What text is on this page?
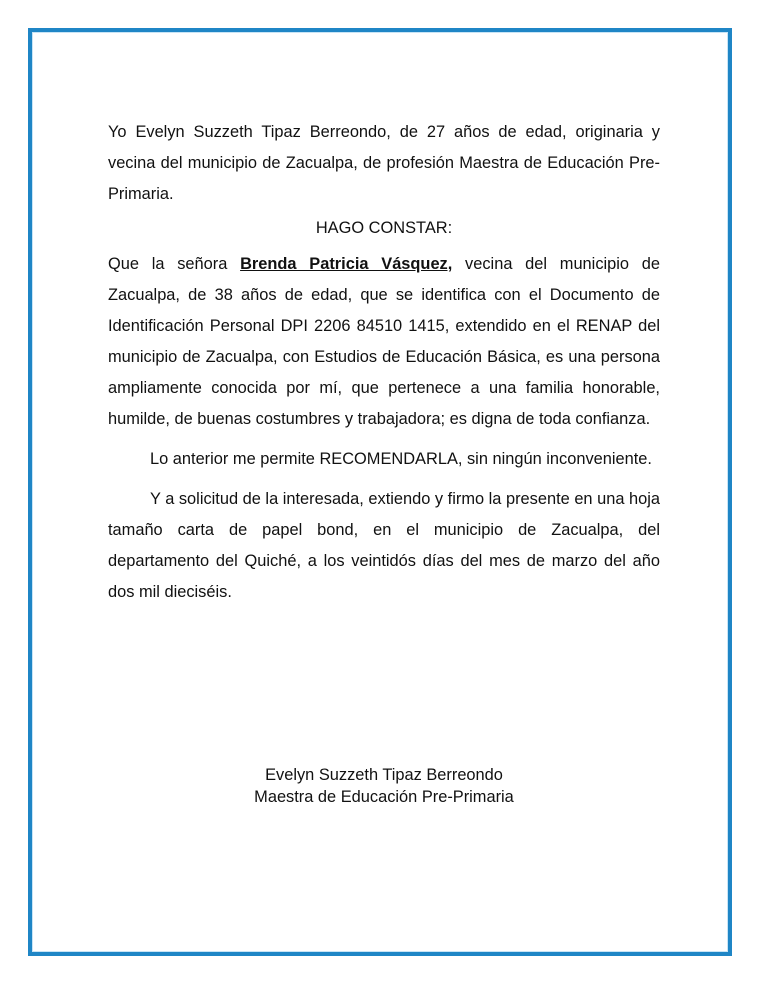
Yo Evelyn Suzzeth Tipaz Berreondo, de 27 años de edad, originaria y vecina del municipio de Zacualpa, de profesión Maestra de Educación Pre-Primaria.

HAGO CONSTAR:

Que la señora Brenda Patricia Vásquez, vecina del municipio de Zacualpa, de 38 años de edad, que se identifica con el Documento de Identificación Personal DPI 2206 84510 1415, extendido en el RENAP del municipio de Zacualpa, con Estudios de Educación Básica, es una persona ampliamente conocida por mí, que pertenece a una familia honorable, humilde, de buenas costumbres y trabajadora; es digna de toda confianza.

Lo anterior me permite RECOMENDARLA, sin ningún inconveniente.

Y a solicitud de la interesada, extiendo y firmo la presente en una hoja tamaño carta de papel bond, en el municipio de Zacualpa, del departamento del Quiché, a los veintidós días del mes de marzo del año dos mil dieciséis.

Evelyn Suzzeth Tipaz Berreondo
Maestra de Educación Pre-Primaria
